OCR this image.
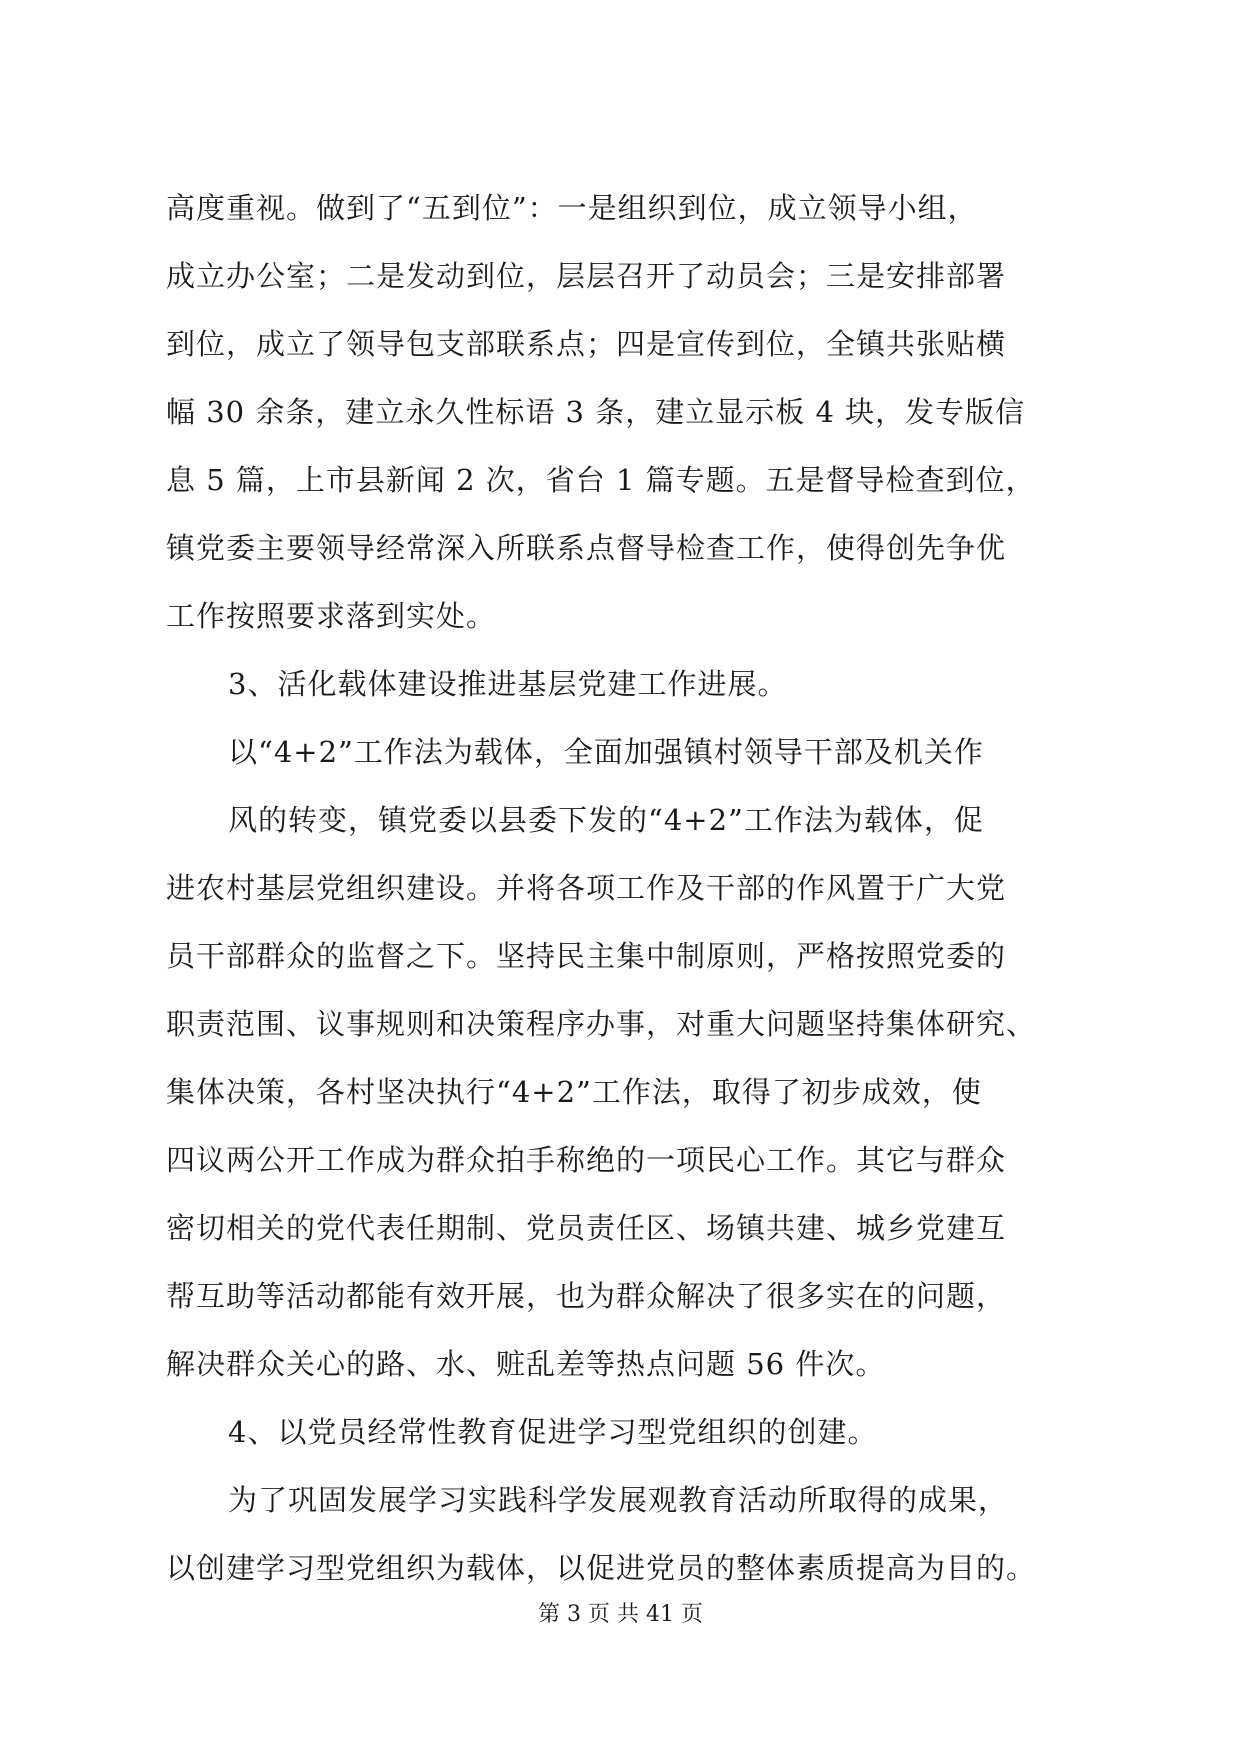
高度重视。做到了“五到位”：一是组织到位，成立领导小组，
成立办公室；二是发动到位，层层召开了动员会；三是安排部署
到位，成立了领导包支部联系点；四是宣传到位，全镇共张贴横
幅 30 余条，建立永久性标语 3 条，建立显示板 4 块，发专版信
息 5 篇，上市县新闻 2 次，省台 1 篇专题。五是督导检查到位，
镇党委主要领导经常深入所联系点督导检查工作，使得创先争优
工作按照要求落到实处。
3、活化载体建设推进基层党建工作进展。
以“4+2”工作法为载体，全面加强镇村领导干部及机关作
风的转变，镇党委以县委下发的“4+2”工作法为载体，促
进农村基层党组织建设。并将各项工作及干部的作风置于广大党
员干部群众的监督之下。坚持民主集中制原则，严格按照党委的
职责范围、议事规则和决策程序办事，对重大问题坚持集体研究、
集体决策，各村坚决执行“4+2”工作法，取得了初步成效，使
四议两公开工作成为群众拍手称绝的一项民心工作。其它与群众
密切相关的党代表任期制、党员责任区、场镇共建、城乡党建互
帮互助等活动都能有效开展，也为群众解决了很多实在的问题，
解决群众关心的路、水、赃乱差等热点问题 56 件次。
4、以党员经常性教育促进学习型党组织的创建。
为了巩固发展学习实践科学发展观教育活动所取得的成果，
以创建学习型党组织为载体，以促进党员的整体素质提高为目的。
第 3 页 共 41 页
